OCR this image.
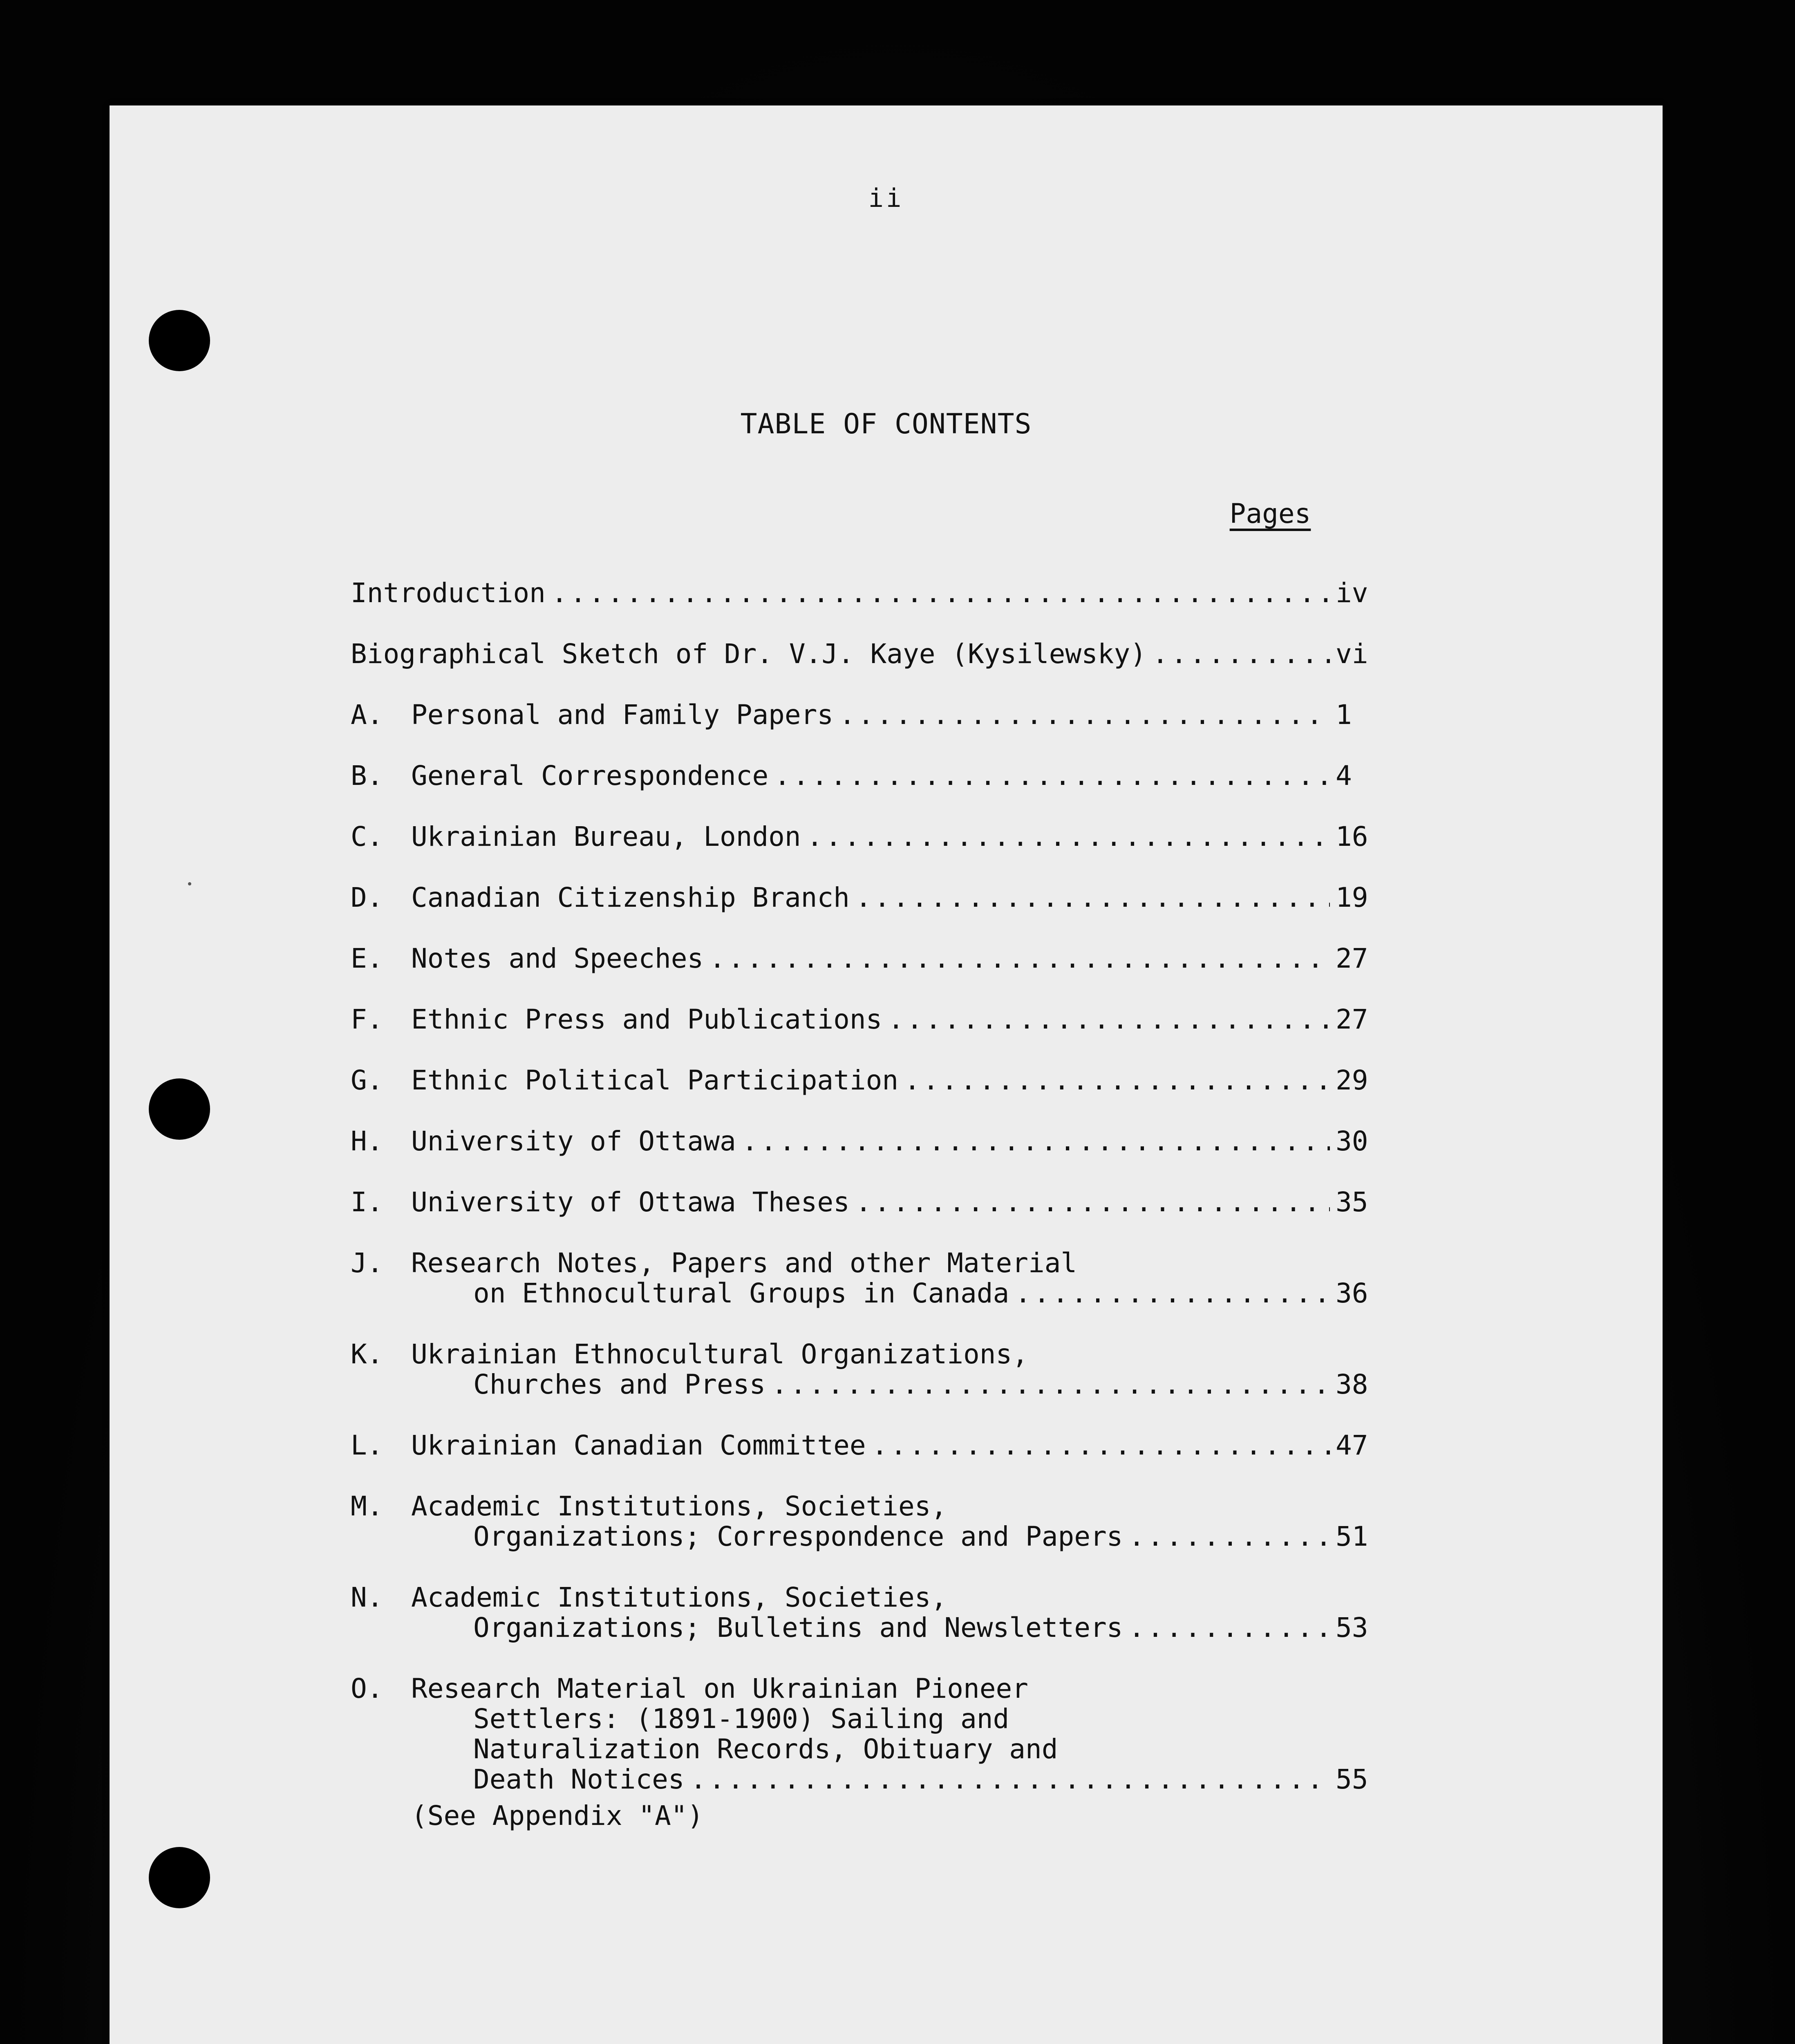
ii
TABLE OF CONTENTS
Pages
Introduction .....	iv
Biographical Sketch of Dr. V.J. Kaye (Kysilewsky) .....	vi
A.	Personal and Family Papers .....	1
B.	General Correspondence .....	4
C.	Ukrainian Bureau, London .....	16
D.	Canadian Citizenship Branch .....	19
E.	Notes and Speeches .....	27
F.	Ethnic Press and Publications .....	27
G.	Ethnic Political Participation .....	29
H.	University of Ottawa .....	30
I.	University of Ottawa Theses .....	35
J.	Research Notes, Papers and other Material
on Ethnocultural Groups in Canada .....	36
K.	Ukrainian Ethnocultural Organizations,
Churches and Press .....	38
L.	Ukrainian Canadian Committee .....	47
M.	Academic Institutions, Societies,
Organizations; Correspondence and Papers .....	51
N.	Academic Institutions, Societies,
Organizations; Bulletins and Newsletters .....	53
O.	Research Material on Ukrainian Pioneer
Settlers: (1891-1900) Sailing and
Naturalization Records, Obituary and
Death Notices .....	55
(See Appendix "A")
